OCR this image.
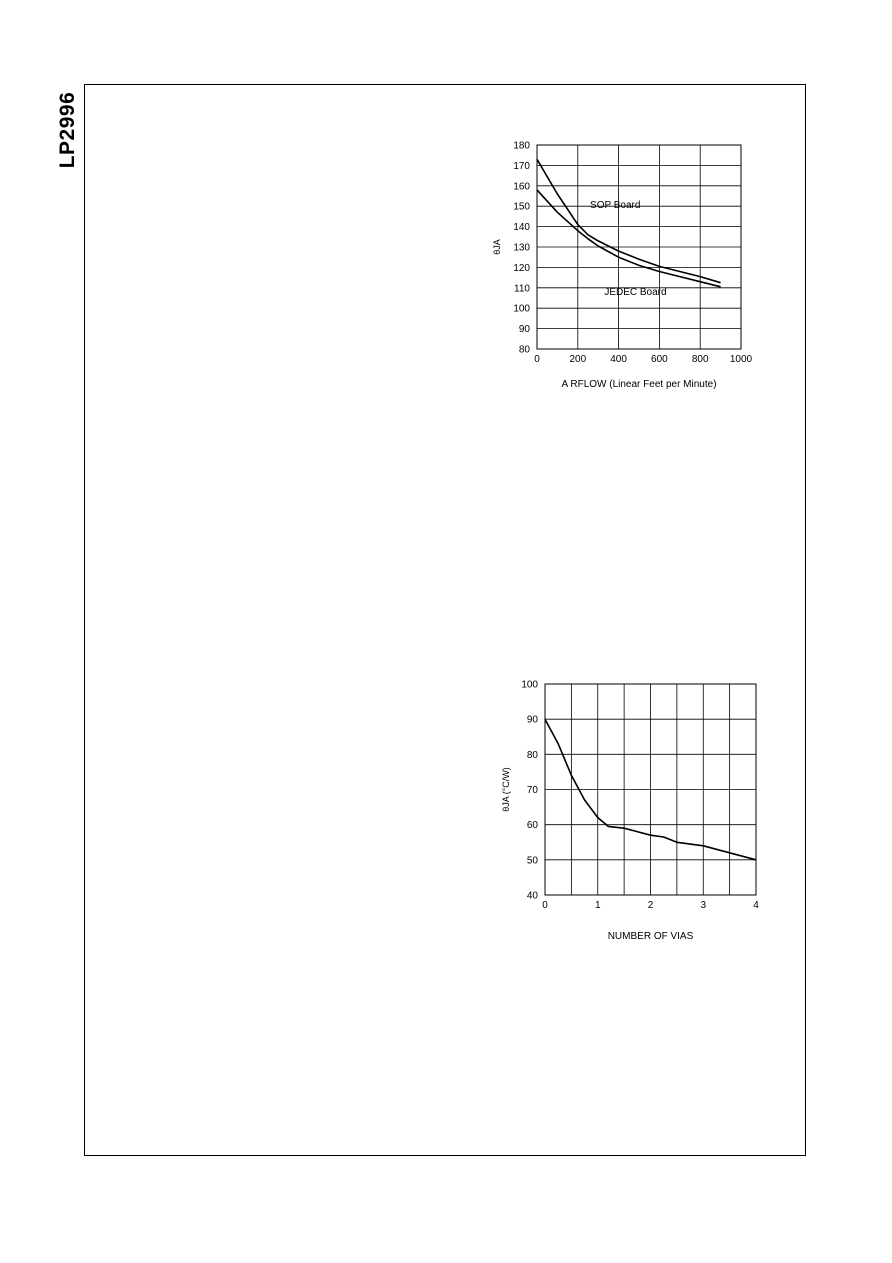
LP2996
0	200 400 600 800 1000
80
90
100
110
120
130
140
150
160
170
180
A RFLOW (Linear Feet per Minute)
θJA
SOP Board
JEDEC Board
0	1	2	3	4
40
50
60
70
80
90
100
NUMBER OF VIAS
θJA (°C/W)
